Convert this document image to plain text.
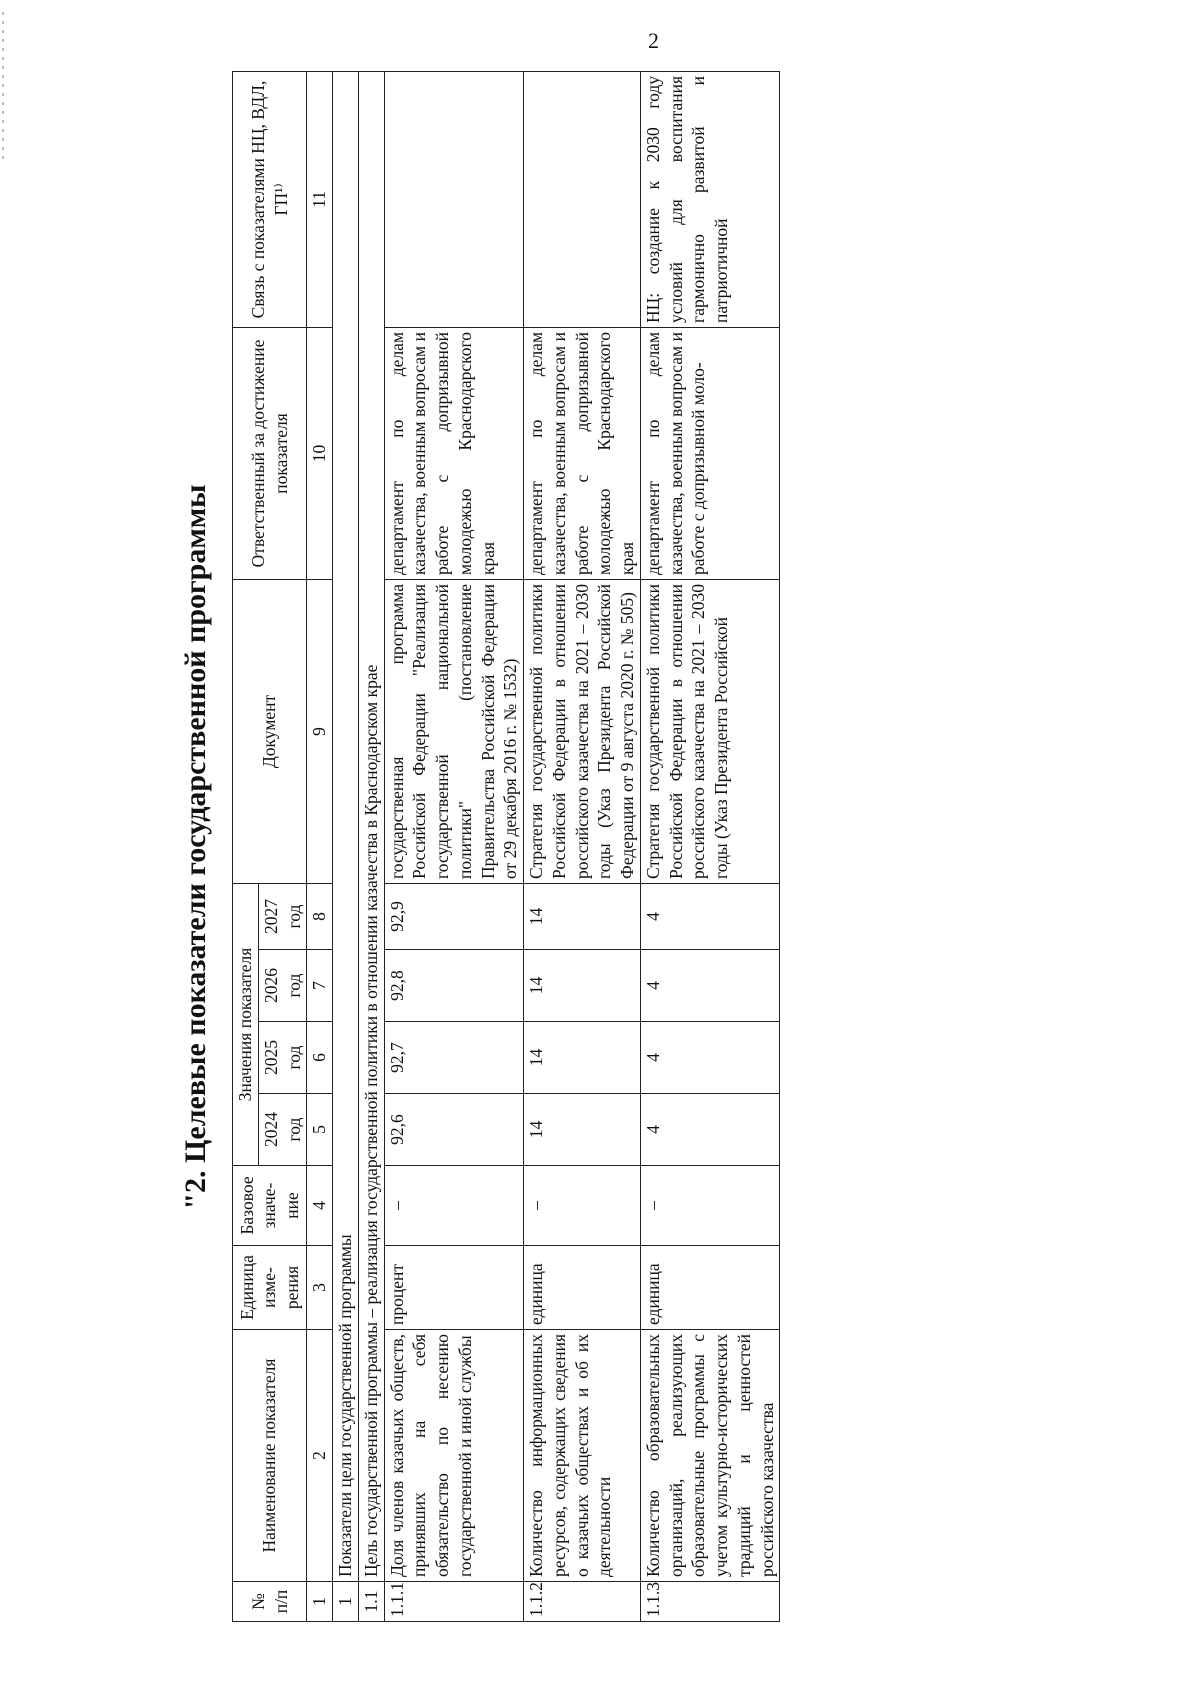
2
"2. Целевые показатели государственной программы
№ п/п	Наименование показателя	Единица изме-рения	Базовое значе-ние	Значения показателя				Документ	Ответственный за достижение показателя	Связь с показателями НЦ, ВДЛ, ГП¹⁾
				2024 год	2025 год	2026 год	2027 год			
1	2	3	4	5	6	7	8	9	10	11
1	Показатели цели государственной программы									
1.1	Цель государственной программы – реализация государственной политики в отношении казачества в Краснодарском крае									
1.1.1	Доля членов казачьих обществ, принявших на себя обязательство по несению государственной и иной службы	процент	–	92,6	92,7	92,8	92,9	государственная программа Российской Федерации "Реализация государственной национальной политики" (постановление Правительства Российской Федерации от 29 декабря 2016 г. № 1532)	департамент по делам казачества, военным вопросам и работе с допризывной молодежью Краснодарского края	
1.1.2	Количество информационных ресурсов, содержащих сведения о казачьих обществах и об их деятельности	единица	–	14	14	14	14	Стратегия государственной политики Российской Федерации в отношении российского казачества на 2021 – 2030 годы (Указ Президента Российской Федерации от 9 августа 2020 г. № 505)	департамент по делам казачества, военным вопросам и работе с допризывной молодежью Краснодарского края	
1.1.3	Количество образовательных организаций, реализующих образовательные программы с учетом культурно-исторических традиций и ценностей российского казачества	единица	–	4	4	4	4	Стратегия государственной политики Российской Федерации в отношении российского казачества на 2021 – 2030 годы (Указ Президента Российской	департамент по делам казачества, военным вопросам и работе с допризывной моло-	НЦ: создание к 2030 году условий для воспитания гармонично развитой и патриотичной
